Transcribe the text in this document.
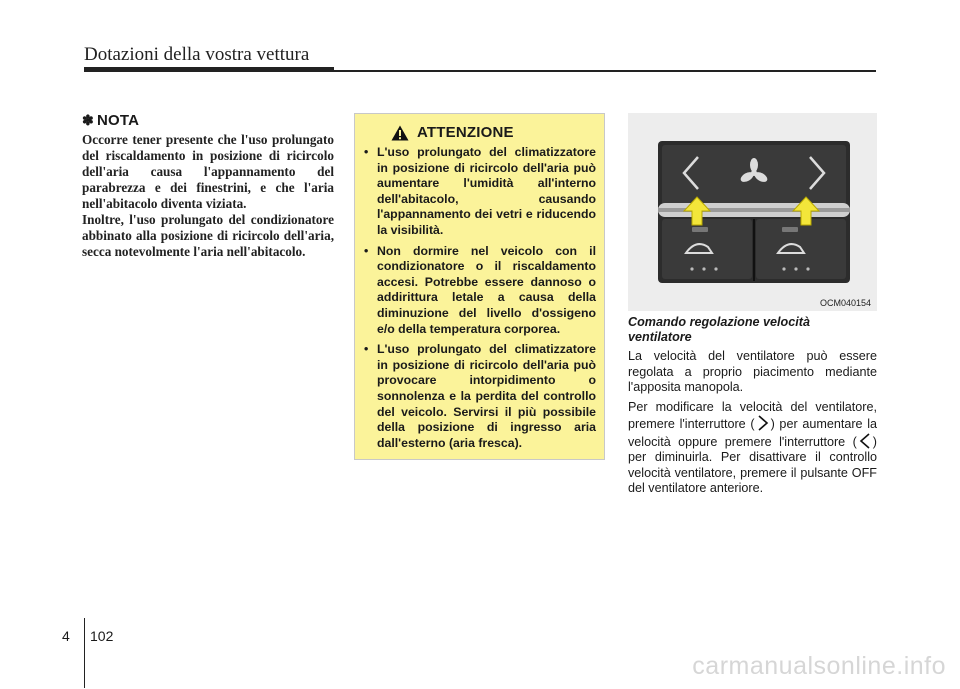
Dotazioni della vostra vettura
✽ NOTA

Occorre tener presente che l'uso prolungato del riscaldamento in posizione di ricircolo dell'aria causa l'appannamento del parabrezza e dei finestrini, e che l'aria nell'abitacolo diventa viziata.

Inoltre, l'uso prolungato del condizionatore abbinato alla posizione di ricircolo dell'aria, secca notevolmente l'aria nell'abitacolo.

ATTENZIONE
• L'uso prolungato del climatizzatore in posizione di ricircolo dell'aria può aumentare l'umidità all'interno dell'abitacolo, causando l'appannamento dei vetri e riducendo la visibilità.
• Non dormire nel veicolo con il condizionatore o il riscaldamento accesi. Potrebbe essere dannoso o addirittura letale a causa della diminuzione del livello d'ossigeno e/o della temperatura corporea.
• L'uso prolungato del climatizzatore in posizione di ricircolo dell'aria può provocare intorpidimento o sonnolenza e la perdita del controllo del veicolo. Servirsi il più possibile della posizione di ingresso aria dall'esterno (aria fresca).
OCM040154

Comando regolazione velocità ventilatore

La velocità del ventilatore può essere regolata a proprio piacimento mediante l'apposita manopola.

Per modificare la velocità del ventilatore, premere l'interruttore ( ) per aumentare la velocità oppure premere l'interruttore ( ) per diminuirla. Per disattivare il controllo velocità ventilatore, premere il pulsante OFF del ventilatore anteriore.

4 102
carmanualsonline.info
